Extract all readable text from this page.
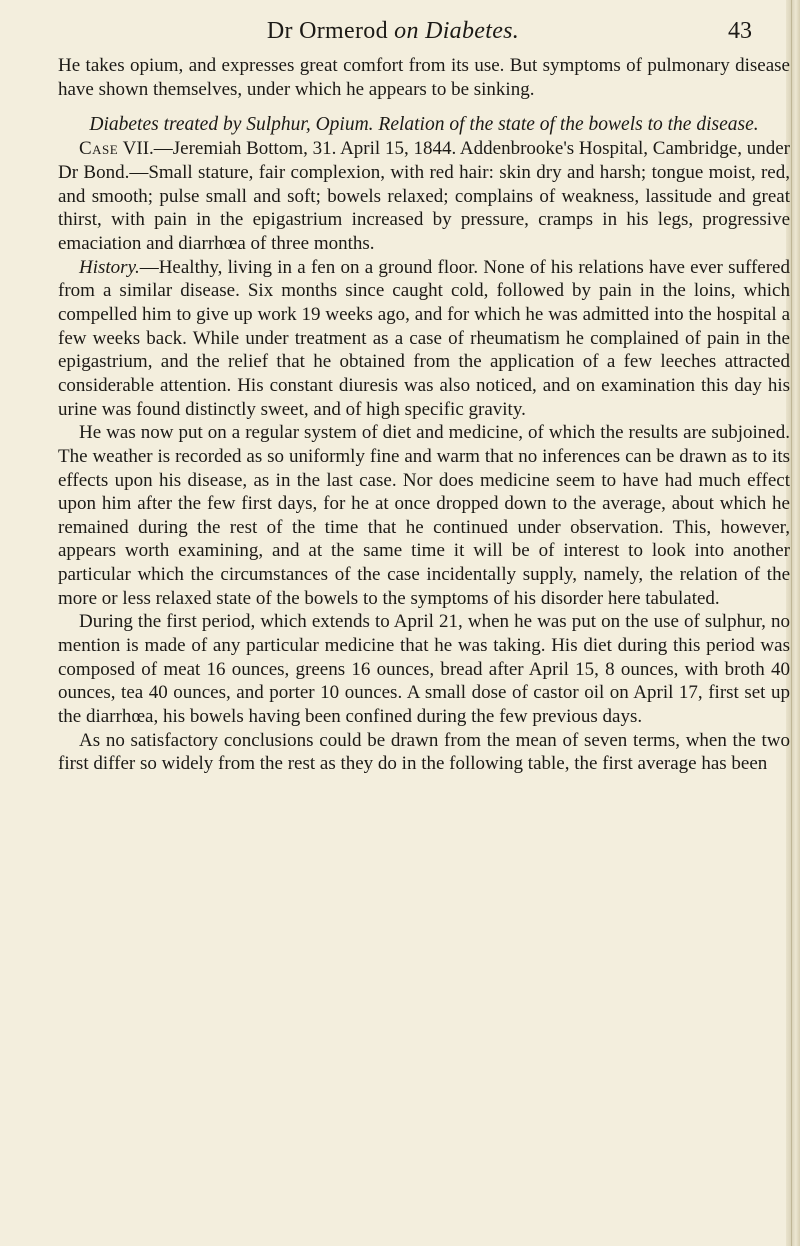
Dr Ormerod on Diabetes.	43

He takes opium, and expresses great comfort from its use. But symptoms of pulmonary disease have shown themselves, under which he appears to be sinking.

Diabetes treated by Sulphur, Opium. Relation of the state of the bowels to the disease.

Case VII.—Jeremiah Bottom, 31. April 15, 1844. Addenbrooke's Hospital, Cambridge, under Dr Bond.—Small stature, fair complexion, with red hair: skin dry and harsh; tongue moist, red, and smooth; pulse small and soft; bowels relaxed; complains of weakness, lassitude and great thirst, with pain in the epigastrium increased by pressure, cramps in his legs, progressive emaciation and diarrhœa of three months.

History.—Healthy, living in a fen on a ground floor. None of his relations have ever suffered from a similar disease. Six months since caught cold, followed by pain in the loins, which compelled him to give up work 19 weeks ago, and for which he was admitted into the hospital a few weeks back. While under treatment as a case of rheumatism he complained of pain in the epigastrium, and the relief that he obtained from the application of a few leeches attracted considerable attention. His constant diuresis was also noticed, and on examination this day his urine was found distinctly sweet, and of high specific gravity.

He was now put on a regular system of diet and medicine, of which the results are subjoined. The weather is recorded as so uniformly fine and warm that no inferences can be drawn as to its effects upon his disease, as in the last case. Nor does medicine seem to have had much effect upon him after the few first days, for he at once dropped down to the average, about which he remained during the rest of the time that he continued under observation. This, however, appears worth examining, and at the same time it will be of interest to look into another particular which the circumstances of the case incidentally supply, namely, the relation of the more or less relaxed state of the bowels to the symptoms of his disorder here tabulated.

During the first period, which extends to April 21, when he was put on the use of sulphur, no mention is made of any particular medicine that he was taking. His diet during this period was composed of meat 16 ounces, greens 16 ounces, bread after April 15, 8 ounces, with broth 40 ounces, tea 40 ounces, and porter 10 ounces. A small dose of castor oil on April 17, first set up the diarrhœa, his bowels having been confined during the few previous days.

As no satisfactory conclusions could be drawn from the mean of seven terms, when the two first differ so widely from the rest as they do in the following table, the first average has been
